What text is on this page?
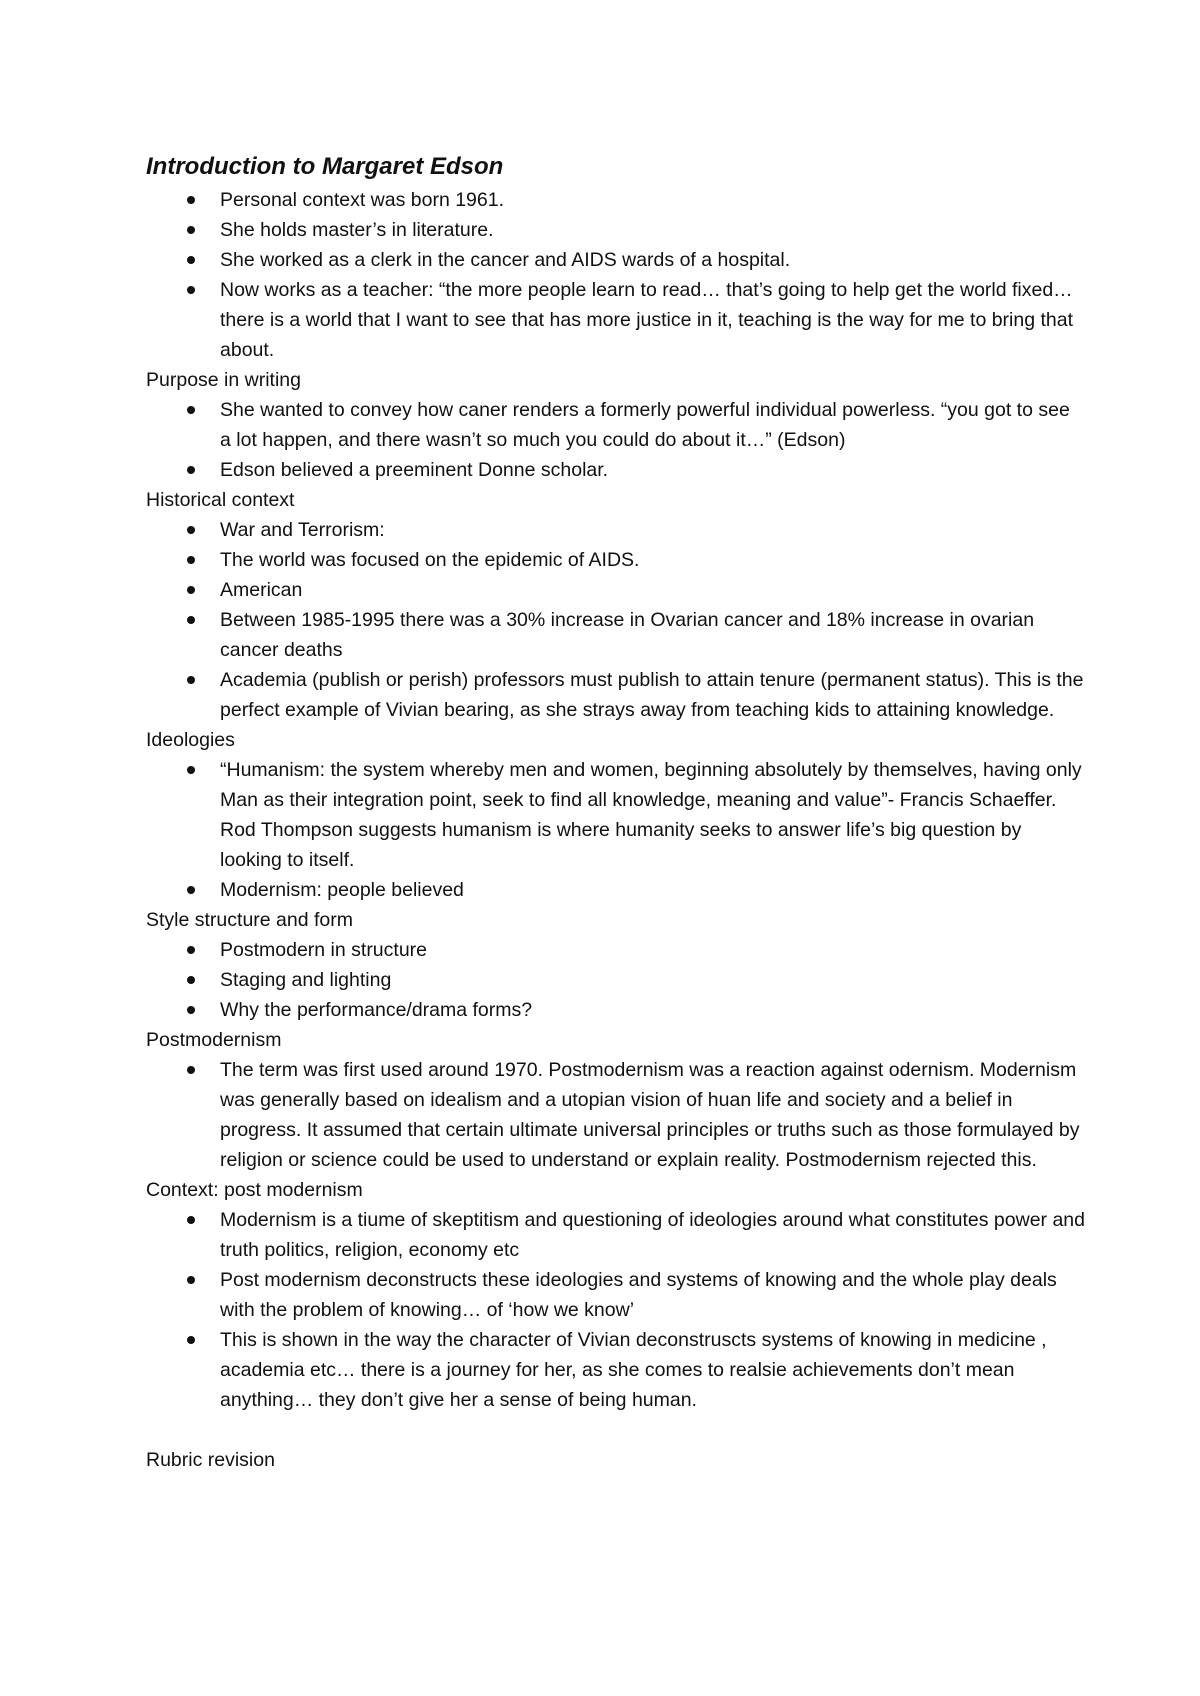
Introduction to Margaret Edson
Personal context was born 1961.
She holds master’s in literature.
She worked as a clerk in the cancer and AIDS wards of a hospital.
Now works as a teacher: “the more people learn to read… that’s going to help get the world fixed… there is a world that I want to see that has more justice in it, teaching is the way for me to bring that about.
Purpose in writing
She wanted to convey how caner renders a formerly powerful individual powerless. “you got to see a lot happen, and there wasn’t so much you could do about it…” (Edson)
Edson believed a preeminent Donne scholar.
Historical context
War and Terrorism:
The world was focused on the epidemic of AIDS.
American
Between 1985-1995 there was a 30% increase in Ovarian cancer and 18% increase in ovarian cancer deaths
Academia (publish or perish) professors must publish to attain tenure (permanent status). This is the perfect example of Vivian bearing, as she strays away from teaching kids to attaining knowledge.
Ideologies
“Humanism: the system whereby men and women, beginning absolutely by themselves, having only Man as their integration point, seek to find all knowledge, meaning and value”- Francis Schaeffer. Rod Thompson suggests humanism is where humanity seeks to answer life’s big question by looking to itself.
Modernism: people believed
Style structure and form
Postmodern in structure
Staging and lighting
Why the performance/drama forms?
Postmodernism
The term was first used around 1970. Postmodernism was a reaction against odernism. Modernism was generally based on idealism and a utopian vision of huan life and society and a belief in progress. It assumed that certain ultimate universal principles or truths such as those formulayed by religion or science could be used to understand or explain reality. Postmodernism rejected this.
Context: post modernism
Modernism is a tiume of skeptitism and questioning of ideologies around what constitutes power and truth politics, religion, economy etc
Post modernism deconstructs these ideologies and systems of knowing and the whole play deals with the problem of knowing… of ‘how we know’
This is shown in the way the character of Vivian deconstruscts systems of knowing in medicine , academia etc… there is a journey for her, as she comes to realsie achievements don’t mean anything… they don’t give her a sense of being human.
Rubric revision
